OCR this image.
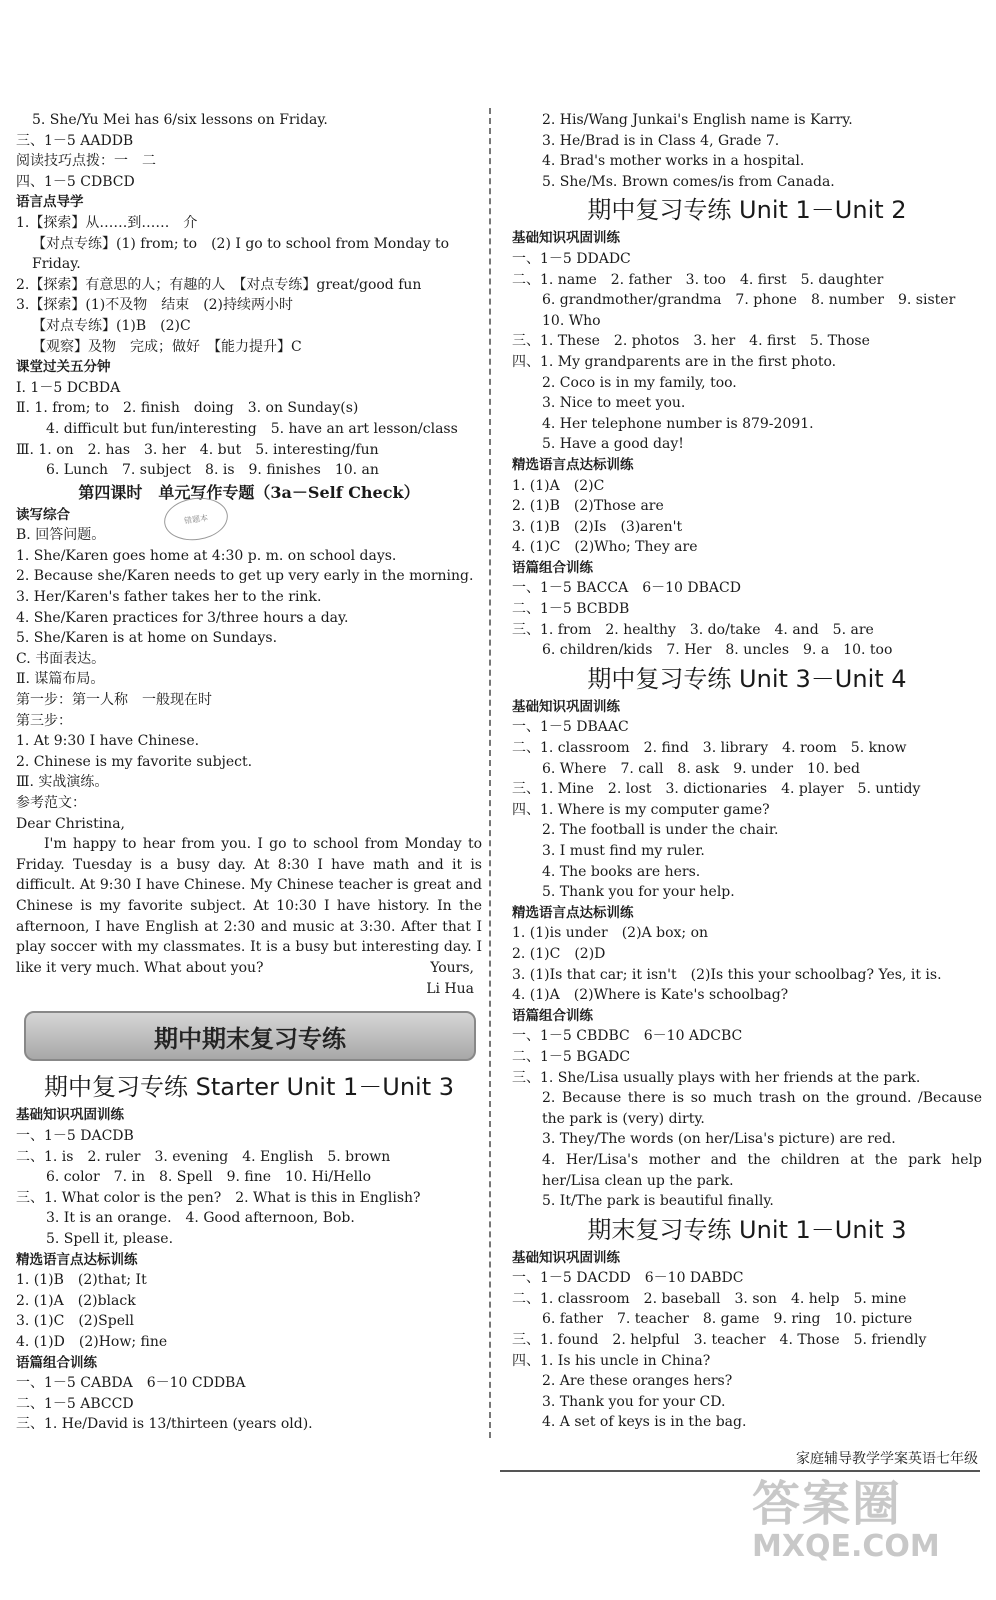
5. She/Yu Mei has 6/six lessons on Friday.
三、1－5 AADDB
阅读技巧点拨：一　二
四、1－5 CDBCD
语言点导学
1.【探索】从……到……　介
【对点专练】(1) from; to　(2) I go to school from Monday to
Friday.
2.【探索】有意思的人；有趣的人　【对点专练】great/good fun
3.【探索】(1)不及物　结束　(2)持续两小时
【对点专练】(1)B　(2)C
【观察】及物　完成；做好　【能力提升】C
课堂过关五分钟
Ⅰ. 1－5 DCBDA
Ⅱ. 1. from; to　2. finish　doing　3. on Sunday(s)
4. difficult but fun/interesting　5. have an art lesson/class
Ⅲ. 1. on　2. has　3. her　4. but　5. interesting/fun
6. Lunch　7. subject　8. is　9. finishes　10. an
第四课时　单元写作专题（3a－Self Check）
读写综合
B. 回答问题。
1. She/Karen goes home at 4:30 p. m. on school days.
2. Because she/Karen needs to get up very early in the morning.
3. Her/Karen's father takes her to the rink.
4. She/Karen practices for 3/three hours a day.
5. She/Karen is at home on Sundays.
C. 书面表达。
Ⅱ. 谋篇布局。
第一步：第一人称　一般现在时
第三步：
1. At 9:30 I have Chinese.
2. Chinese is my favorite subject.
Ⅲ. 实战演练。
参考范文：
Dear Christina,
I'm happy to hear from you. I go to school from Monday to Friday. Tuesday is a busy day. At 8:30 I have math and it is difficult. At 9:30 I have Chinese. My Chinese teacher is great and Chinese is my favorite subject. At 10:30 I have history. In the afternoon, I have English at 2:30 and music at 3:30. After that I play soccer with my classmates. It is a busy but interesting day. I like it very much. What about you?	Yours,
Li Hua
期中期末复习专练
期中复习专练 Starter Unit 1－Unit 3
基础知识巩固训练
一、1－5 DACDB
二、1. is　2. ruler　3. evening　4. English　5. brown
6. color　7. in　8. Spell　9. fine　10. Hi/Hello
三、1. What color is the pen?　2. What is this in English?
3. It is an orange.　4. Good afternoon, Bob.
5. Spell it, please.
精选语言点达标训练
1. (1)B　(2)that; It
2. (1)A　(2)black
3. (1)C　(2)Spell
4. (1)D　(2)How; fine
语篇组合训练
一、1－5 CABDA　6－10 CDDBA
二、1－5 ABCCD
三、1. He/David is 13/thirteen (years old).
2. His/Wang Junkai's English name is Karry.
3. He/Brad is in Class 4, Grade 7.
4. Brad's mother works in a hospital.
5. She/Ms. Brown comes/is from Canada.
期中复习专练 Unit 1－Unit 2
基础知识巩固训练
一、1－5 DDADC
二、1. name　2. father　3. too　4. first　5. daughter
6. grandmother/grandma　7. phone　8. number　9. sister
10. Who
三、1. These　2. photos　3. her　4. first　5. Those
四、1. My grandparents are in the first photo.
2. Coco is in my family, too.
3. Nice to meet you.
4. Her telephone number is 879-2091.
5. Have a good day!
精选语言点达标训练
1. (1)A　(2)C
2. (1)B　(2)Those are
3. (1)B　(2)Is　(3)aren't
4. (1)C　(2)Who; They are
语篇组合训练
一、1－5 BACCA　6－10 DBACD
二、1－5 BCBDB
三、1. from　2. healthy　3. do/take　4. and　5. are
6. children/kids　7. Her　8. uncles　9. a　10. too
期中复习专练 Unit 3－Unit 4
基础知识巩固训练
一、1－5 DBAAC
二、1. classroom　2. find　3. library　4. room　5. know
6. Where　7. call　8. ask　9. under　10. bed
三、1. Mine　2. lost　3. dictionaries　4. player　5. untidy
四、1. Where is my computer game?
2. The football is under the chair.
3. I must find my ruler.
4. The books are hers.
5. Thank you for your help.
精选语言点达标训练
1. (1)is under　(2)A box; on
2. (1)C　(2)D
3. (1)Is that car; it isn't　(2)Is this your schoolbag? Yes, it is.
4. (1)A　(2)Where is Kate's schoolbag?
语篇组合训练
一、1－5 CBDBC　6－10 ADCBC
二、1－5 BGADC
三、1. She/Lisa usually plays with her friends at the park.
2. Because there is so much trash on the ground. /Because the park is (very) dirty.
3. They/The words (on her/Lisa's picture) are red.
4. Her/Lisa's mother and the children at the park help her/Lisa clean up the park.
5. It/The park is beautiful finally.
期末复习专练 Unit 1－Unit 3
基础知识巩固训练
一、1－5 DACDD　6－10 DABDC
二、1. classroom　2. baseball　3. son　4. help　5. mine
6. father　7. teacher　8. game　9. ring　10. picture
三、1. found　2. helpful　3. teacher　4. Those　5. friendly
四、1. Is his uncle in China?
2. Are these oranges hers?
3. Thank you for your CD.
4. A set of keys is in the bag.
错题本
家庭辅导教学学案英语七年级
答案圈
MXQE.COM
